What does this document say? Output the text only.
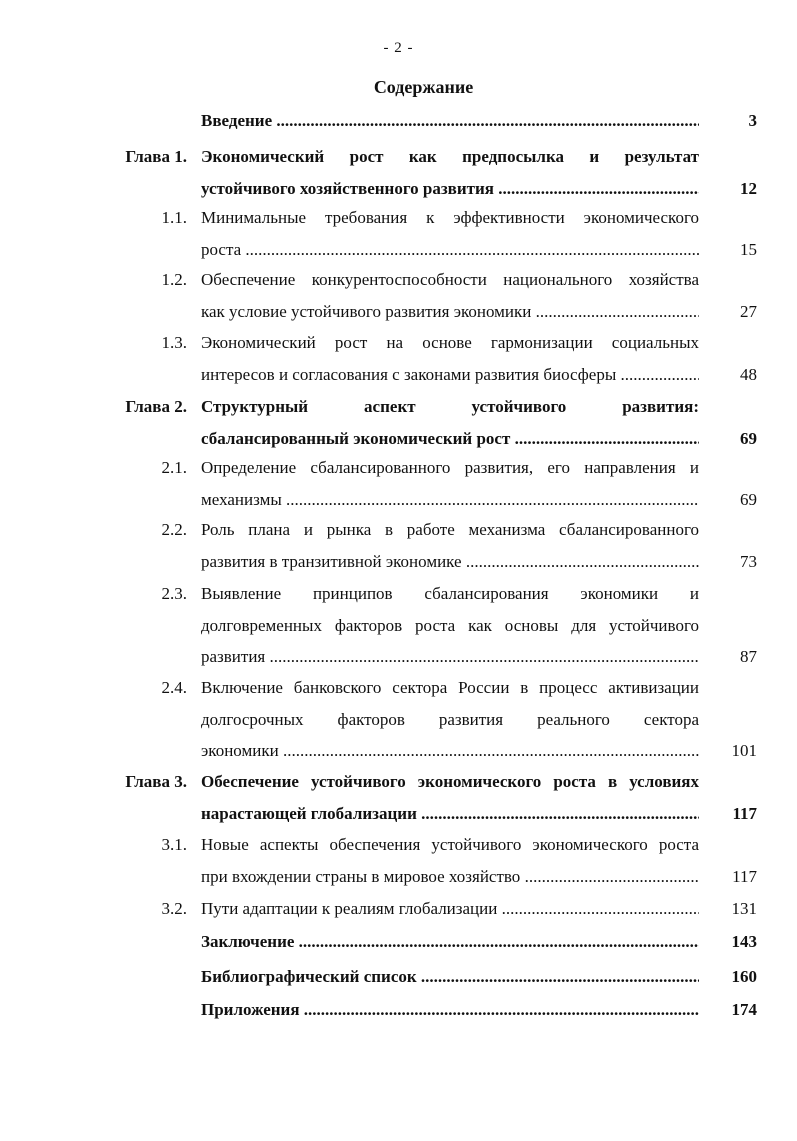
- 2 -
Содержание
Введение .....	3
Глава 1. Экономический рост как предпосылка и результат
устойчивого хозяйственного развития .....	12
1.1. Минимальные требования к эффективности экономического
роста .....	15
1.2. Обеспечение конкурентоспособности национального хозяйства
как условие устойчивого развития экономики .....	27
1.3. Экономический рост на основе гармонизации социальных
интересов и согласования с законами развития биосферы .....	48
Глава 2. Структурный аспект устойчивого развития:
сбалансированный экономический рост .....	69
2.1. Определение сбалансированного развития, его направления и
механизмы .....	69
2.2. Роль плана и рынка в работе механизма сбалансированного
развития в транзитивной экономике .....	73
2.3. Выявление принципов сбалансирования экономики и
долговременных факторов роста как основы для устойчивого
развития .....	87
2.4. Включение банковского сектора России в процесс активизации
долгосрочных факторов развития реального сектора
экономики .....	101
Глава 3. Обеспечение устойчивого экономического роста в условиях
нарастающей глобализации .....	117
3.1. Новые аспекты обеспечения устойчивого экономического роста
при вхождении страны в мировое хозяйство .....	117
3.2. Пути адаптации к реалиям глобализации .....	131
Заключение .....	143
Библиографический список .....	160
Приложения .....	174
